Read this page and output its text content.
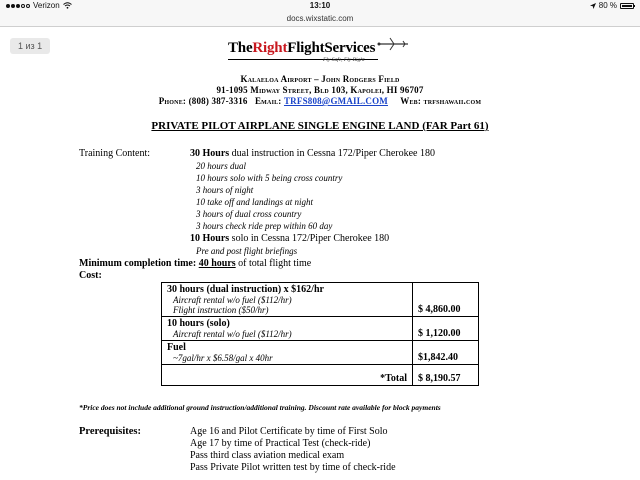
Verizon	13:10	80 %
docs.wixstatic.com
1 из 1	TheRightFlightServices
Fly Safe, Fly Right
Kalaeloa Airport – John Rodgers Field
91-1095 Midway Street, Bld 103, Kapolei, HI 96707
Phone: (808) 387-3316 Email: TRFS808@GMAIL.COM Web: trfshawaii.com
PRIVATE PILOT AIRPLANE SINGLE ENGINE LAND (FAR Part 61)
Training Content:	30 Hours dual instruction in Cessna 172/Piper Cherokee 180
20 hours dual
10 hours solo with 5 being cross country
3 hours of night
10 take off and landings at night
3 hours of dual cross country
3 hours check ride prep within 60 day
10 Hours solo in Cessna 172/Piper Cherokee 180
Pre and post flight briefings
Minimum completion time: 40 hours of total flight time
Cost:
30 hours (dual instruction) x $162/hr
Aircraft rental w/o fuel ($112/hr)
Flight instruction ($50/hr)	$ 4,860.00
10 hours (solo)
Aircraft rental w/o fuel ($112/hr)	$ 1,120.00
Fuel
~7gal/hr x $6.58/gal x 40hr	$1,842.40
*Total	$ 8,190.57
*Price does not include additional ground instruction/additional training. Discount rate available for block payments
Prerequisites:	Age 16 and Pilot Certificate by time of First Solo
Age 17 by time of Practical Test (check-ride)
Pass third class aviation medical exam
Pass Private Pilot written test by time of check-ride
